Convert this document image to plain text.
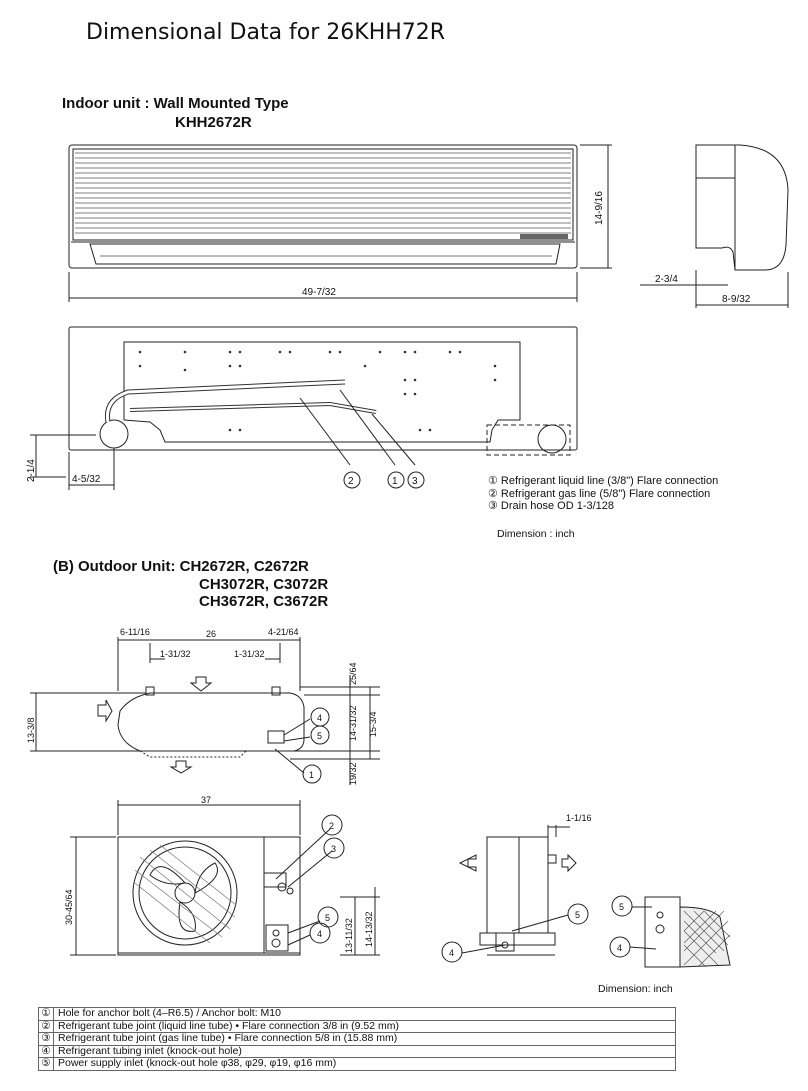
Dimensional Data for 26KHH72R
Indoor unit : Wall Mounted Type
KHH2672R
14-9/16
49-7/32
2-3/4
8-9/32
2-1/4	4-5/32	2	1 3	① Refrigerant liquid line (3/8") Flare connection
② Refrigerant gas line (5/8") Flare connection
③ Drain hose OD 1-3/128
Dimension : inch
(B) Outdoor Unit: CH2672R, C2672R
CH3072R, C3072R
CH3672R, C3672R
6-11/16	26	4-21/64
1-31/32	1-31/32
25/64
13-3/8	14-31/32 15-3/4
19/32
4
5
1
37
30-45/64
13-11/32 14-13/32
2
3
5
4
1-1/16
5
4
5
4
Dimension: inch
①	Hole for anchor bolt (4–R6.5) / Anchor bolt: M10
②	Refrigerant tube joint (liquid line tube) • Flare connection 3/8 in (9.52 mm)
③	Refrigerant tube joint (gas line tube) • Flare connection 5/8 in (15.88 mm)
④	Refrigerant tubing inlet (knock-out hole)
⑤	Power supply inlet (knock-out hole φ38, φ29, φ19, φ16 mm)
